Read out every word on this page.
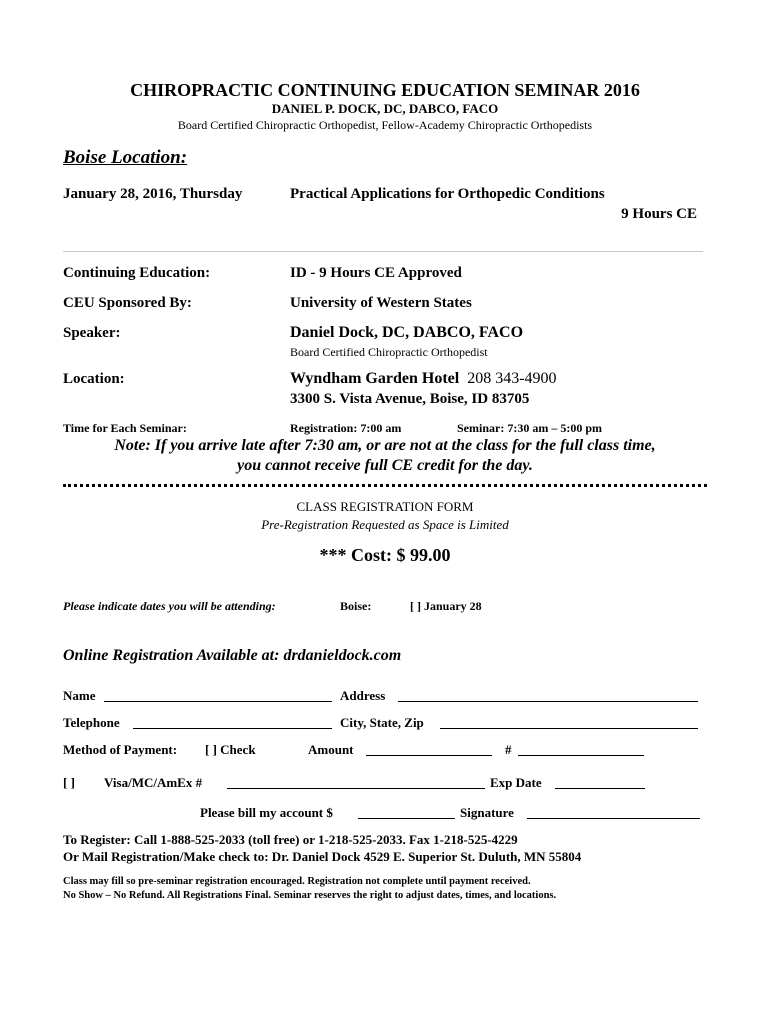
CHIROPRACTIC CONTINUING EDUCATION SEMINAR 2016
DANIEL P. DOCK, DC, DABCO, FACO
Board Certified Chiropractic Orthopedist, Fellow-Academy Chiropractic Orthopedists
Boise Location:
January 28, 2016, Thursday	Practical Applications for Orthopedic Conditions
9 Hours CE
Continuing Education:	ID - 9 Hours CE Approved
CEU Sponsored By:	University of Western States
Speaker:	Daniel Dock, DC, DABCO, FACO
Board Certified Chiropractic Orthopedist
Location:	Wyndham Garden Hotel 208 343-4900
3300 S. Vista Avenue, Boise, ID 83705
Time for Each Seminar:	Registration: 7:00 am	Seminar: 7:30 am – 5:00 pm
Note: If you arrive late after 7:30 am, or are not at the class for the full class time,
you cannot receive full CE credit for the day.
CLASS REGISTRATION FORM
Pre-Registration Requested as Space is Limited
*** Cost: $ 99.00
Please indicate dates you will be attending:	Boise:	[ ] January 28
Online Registration Available at: drdanieldock.com
Name	Address
Telephone	City, State, Zip
Method of Payment: [ ] Check	Amount	#
[ ] Visa/MC/AmEx #	Exp Date
Please bill my account $	Signature
To Register: Call 1-888-525-2033 (toll free) or 1-218-525-2033. Fax 1-218-525-4229
Or Mail Registration/Make check to: Dr. Daniel Dock 4529 E. Superior St. Duluth, MN 55804
Class may fill so pre-seminar registration encouraged. Registration not complete until payment received.
No Show – No Refund. All Registrations Final. Seminar reserves the right to adjust dates, times, and locations.
